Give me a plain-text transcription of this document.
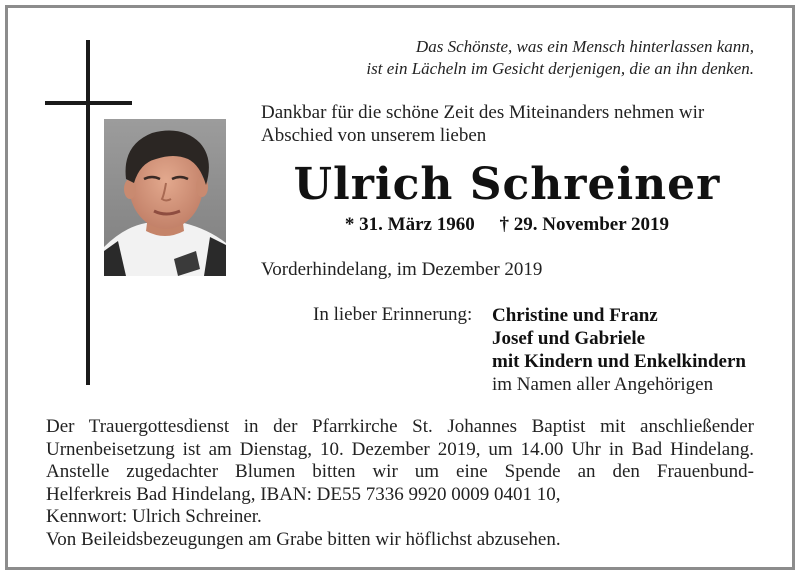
Das Schönste, was ein Mensch hinterlassen kann,
ist ein Lächeln im Gesicht derjenigen, die an ihn denken.
Dankbar für die schöne Zeit des Miteinanders nehmen wir
Abschied von unserem lieben
Ulrich Schreiner
* 31. März 1960 † 29. November 2019
Vorderhindelang, im Dezember 2019
In lieber Erinnerung: Christine und Franz
Josef und Gabriele
mit Kindern und Enkelkindern
im Namen aller Angehörigen
Der Trauergottesdienst in der Pfarrkirche St. Johannes Baptist mit anschließender
Urnenbeisetzung ist am Dienstag, 10. Dezember 2019, um 14.00 Uhr in Bad Hindelang.
Anstelle zugedachter Blumen bitten wir um eine Spende an den Frauenbund-
Helferkreis Bad Hindelang, IBAN: DE55 7336 9920 0009 0401 10,
Kennwort: Ulrich Schreiner.
Von Beileidsbezeugungen am Grabe bitten wir höflichst abzusehen.
